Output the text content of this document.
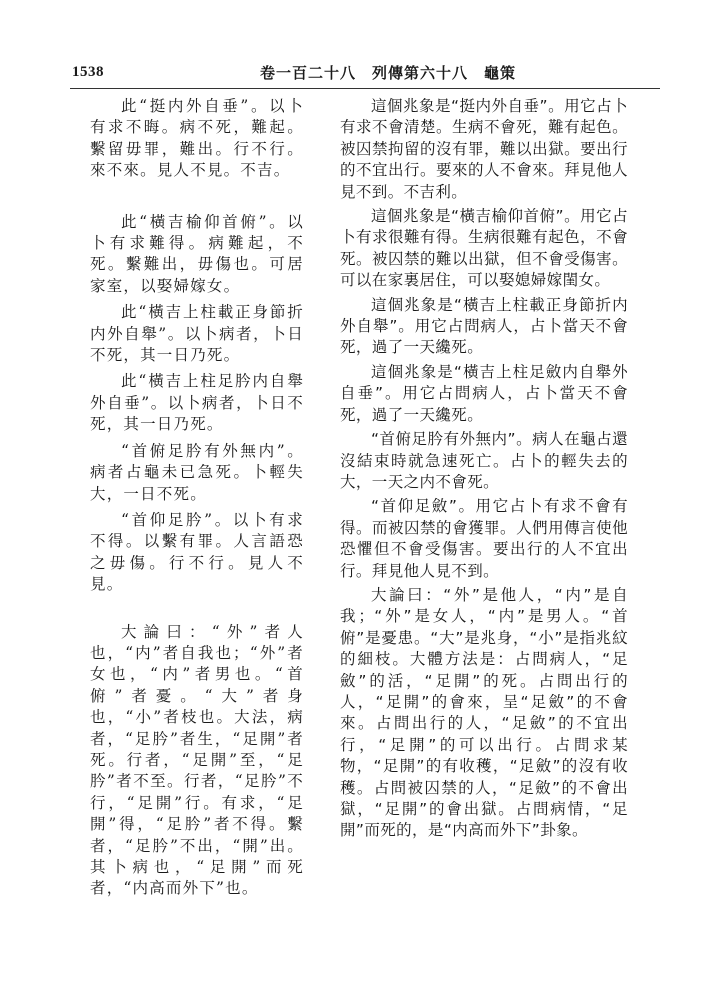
1538	卷一百二十八　列傳第六十八　龜策

此“挺内外自垂”。以卜有求不晦。病不死，難起。繫留毋罪，難出。行不行。來不來。見人不見。不吉。

此“橫吉榆仰首俯”。以卜有求難得。病難起，不死。繫難出，毋傷也。可居家室，以娶婦嫁女。

此“橫吉上柱載正身節折内外自舉”。以卜病者，卜日不死，其一日乃死。

此“橫吉上柱足肣内自舉外自垂”。以卜病者，卜日不死，其一日乃死。

“首俯足肣有外無内”。病者占龜未已急死。卜輕失大，一日不死。

“首仰足肣”。以卜有求不得。以繫有罪。人言語恐之毋傷。行不行。見人不見。

大論曰：“外”者人也，“内”者自我也；“外”者女也，“内”者男也。“首俯”者憂。“大”者身也，“小”者枝也。大法，病者，“足肣”者生，“足開”者死。行者，“足開”至，“足肣”者不至。行者，“足肣”不行，“足開”行。有求，“足開”得，“足肣”者不得。繫者，“足肣”不出，“開”出。其卜病也，“足開”而死者，“内高而外下”也。

這個兆象是“挺内外自垂”。用它占卜有求不會清楚。生病不會死，難有起色。被囚禁拘留的沒有罪，難以出獄。要出行的不宜出行。要來的人不會來。拜見他人見不到。不吉利。

這個兆象是“橫吉榆仰首俯”。用它占卜有求很難有得。生病很難有起色，不會死。被囚禁的難以出獄，但不會受傷害。可以在家裏居住，可以娶媳婦嫁閨女。

這個兆象是“橫吉上柱載正身節折内外自舉”。用它占問病人，占卜當天不會死，過了一天纔死。

這個兆象是“橫吉上柱足斂内自舉外自垂”。用它占問病人，占卜當天不會死，過了一天纔死。

“首俯足肣有外無内”。病人在龜占還沒結束時就急速死亡。占卜的輕失去的大，一天之内不會死。

“首仰足斂”。用它占卜有求不會有得。而被囚禁的會獲罪。人們用傳言使他恐懼但不會受傷害。要出行的人不宜出行。拜見他人見不到。

大論曰：“外”是他人，“内”是自我；“外”是女人，“内”是男人。“首俯”是憂患。“大”是兆身，“小”是指兆紋的細枝。大體方法是：占問病人，“足斂”的活，“足開”的死。占問出行的人，“足開”的會來，呈“足斂”的不會來。占問出行的人，“足斂”的不宜出行，“足開”的可以出行。占問求某物，“足開”的有收穫，“足斂”的沒有收穫。占問被囚禁的人，“足斂”的不會出獄，“足開”的會出獄。占問病情，“足開”而死的，是“内高而外下”卦象。
